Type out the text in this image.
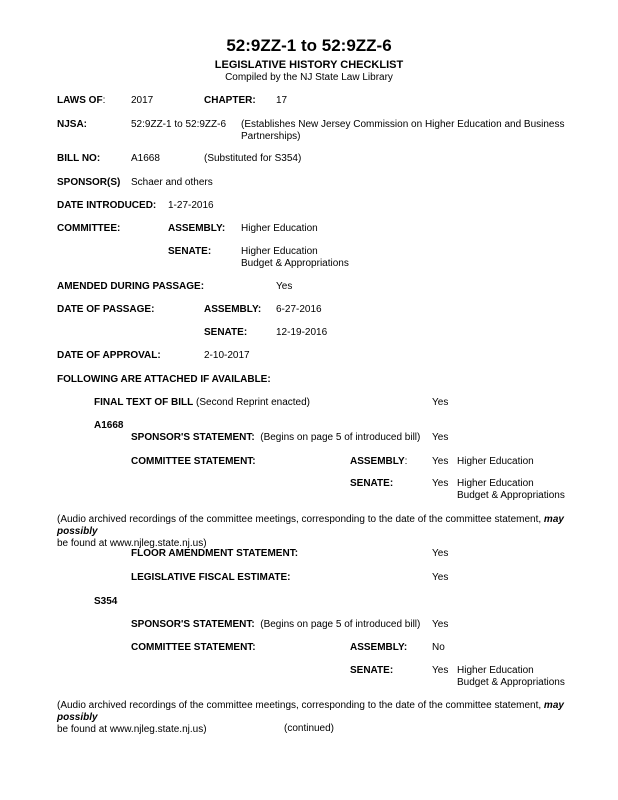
52:9ZZ-1 to 52:9ZZ-6
LEGISLATIVE HISTORY CHECKLIST
Compiled by the NJ State Law Library
LAWS OF:	2017	CHAPTER: 17
NJSA:	52:9ZZ-1 to 52:9ZZ-6 (Establishes New Jersey Commission on Higher Education and Business
Partnerships)
BILL NO:	A1668	(Substituted for S354)
SPONSOR(S) Schaer and others
DATE INTRODUCED: 1-27-2016
COMMITTEE:	ASSEMBLY: Higher Education
SENATE:	Higher Education
Budget & Appropriations
AMENDED DURING PASSAGE:	Yes
DATE OF PASSAGE:	ASSEMBLY: 6-27-2016
SENATE:	12-19-2016
DATE OF APPROVAL:	2-10-2017
FOLLOWING ARE ATTACHED IF AVAILABLE:
FINAL TEXT OF BILL (Second Reprint enacted)	Yes
A1668
SPONSOR'S STATEMENT: (Begins on page 5 of introduced bill) Yes
COMMITTEE STATEMENT:	ASSEMBLY: Yes Higher Education
SENATE:	Yes Higher Education
Budget & Appropriations
(Audio archived recordings of the committee meetings, corresponding to the date of the committee statement, may possibly
be found at www.njleg.state.nj.us)
FLOOR AMENDMENT STATEMENT:	Yes
LEGISLATIVE FISCAL ESTIMATE:	Yes
S354
SPONSOR'S STATEMENT: (Begins on page 5 of introduced bill) Yes
COMMITTEE STATEMENT:	ASSEMBLY: No
SENATE:	Yes Higher Education
Budget & Appropriations
(Audio archived recordings of the committee meetings, corresponding to the date of the committee statement, may possibly
be found at www.njleg.state.nj.us)	(continued)
